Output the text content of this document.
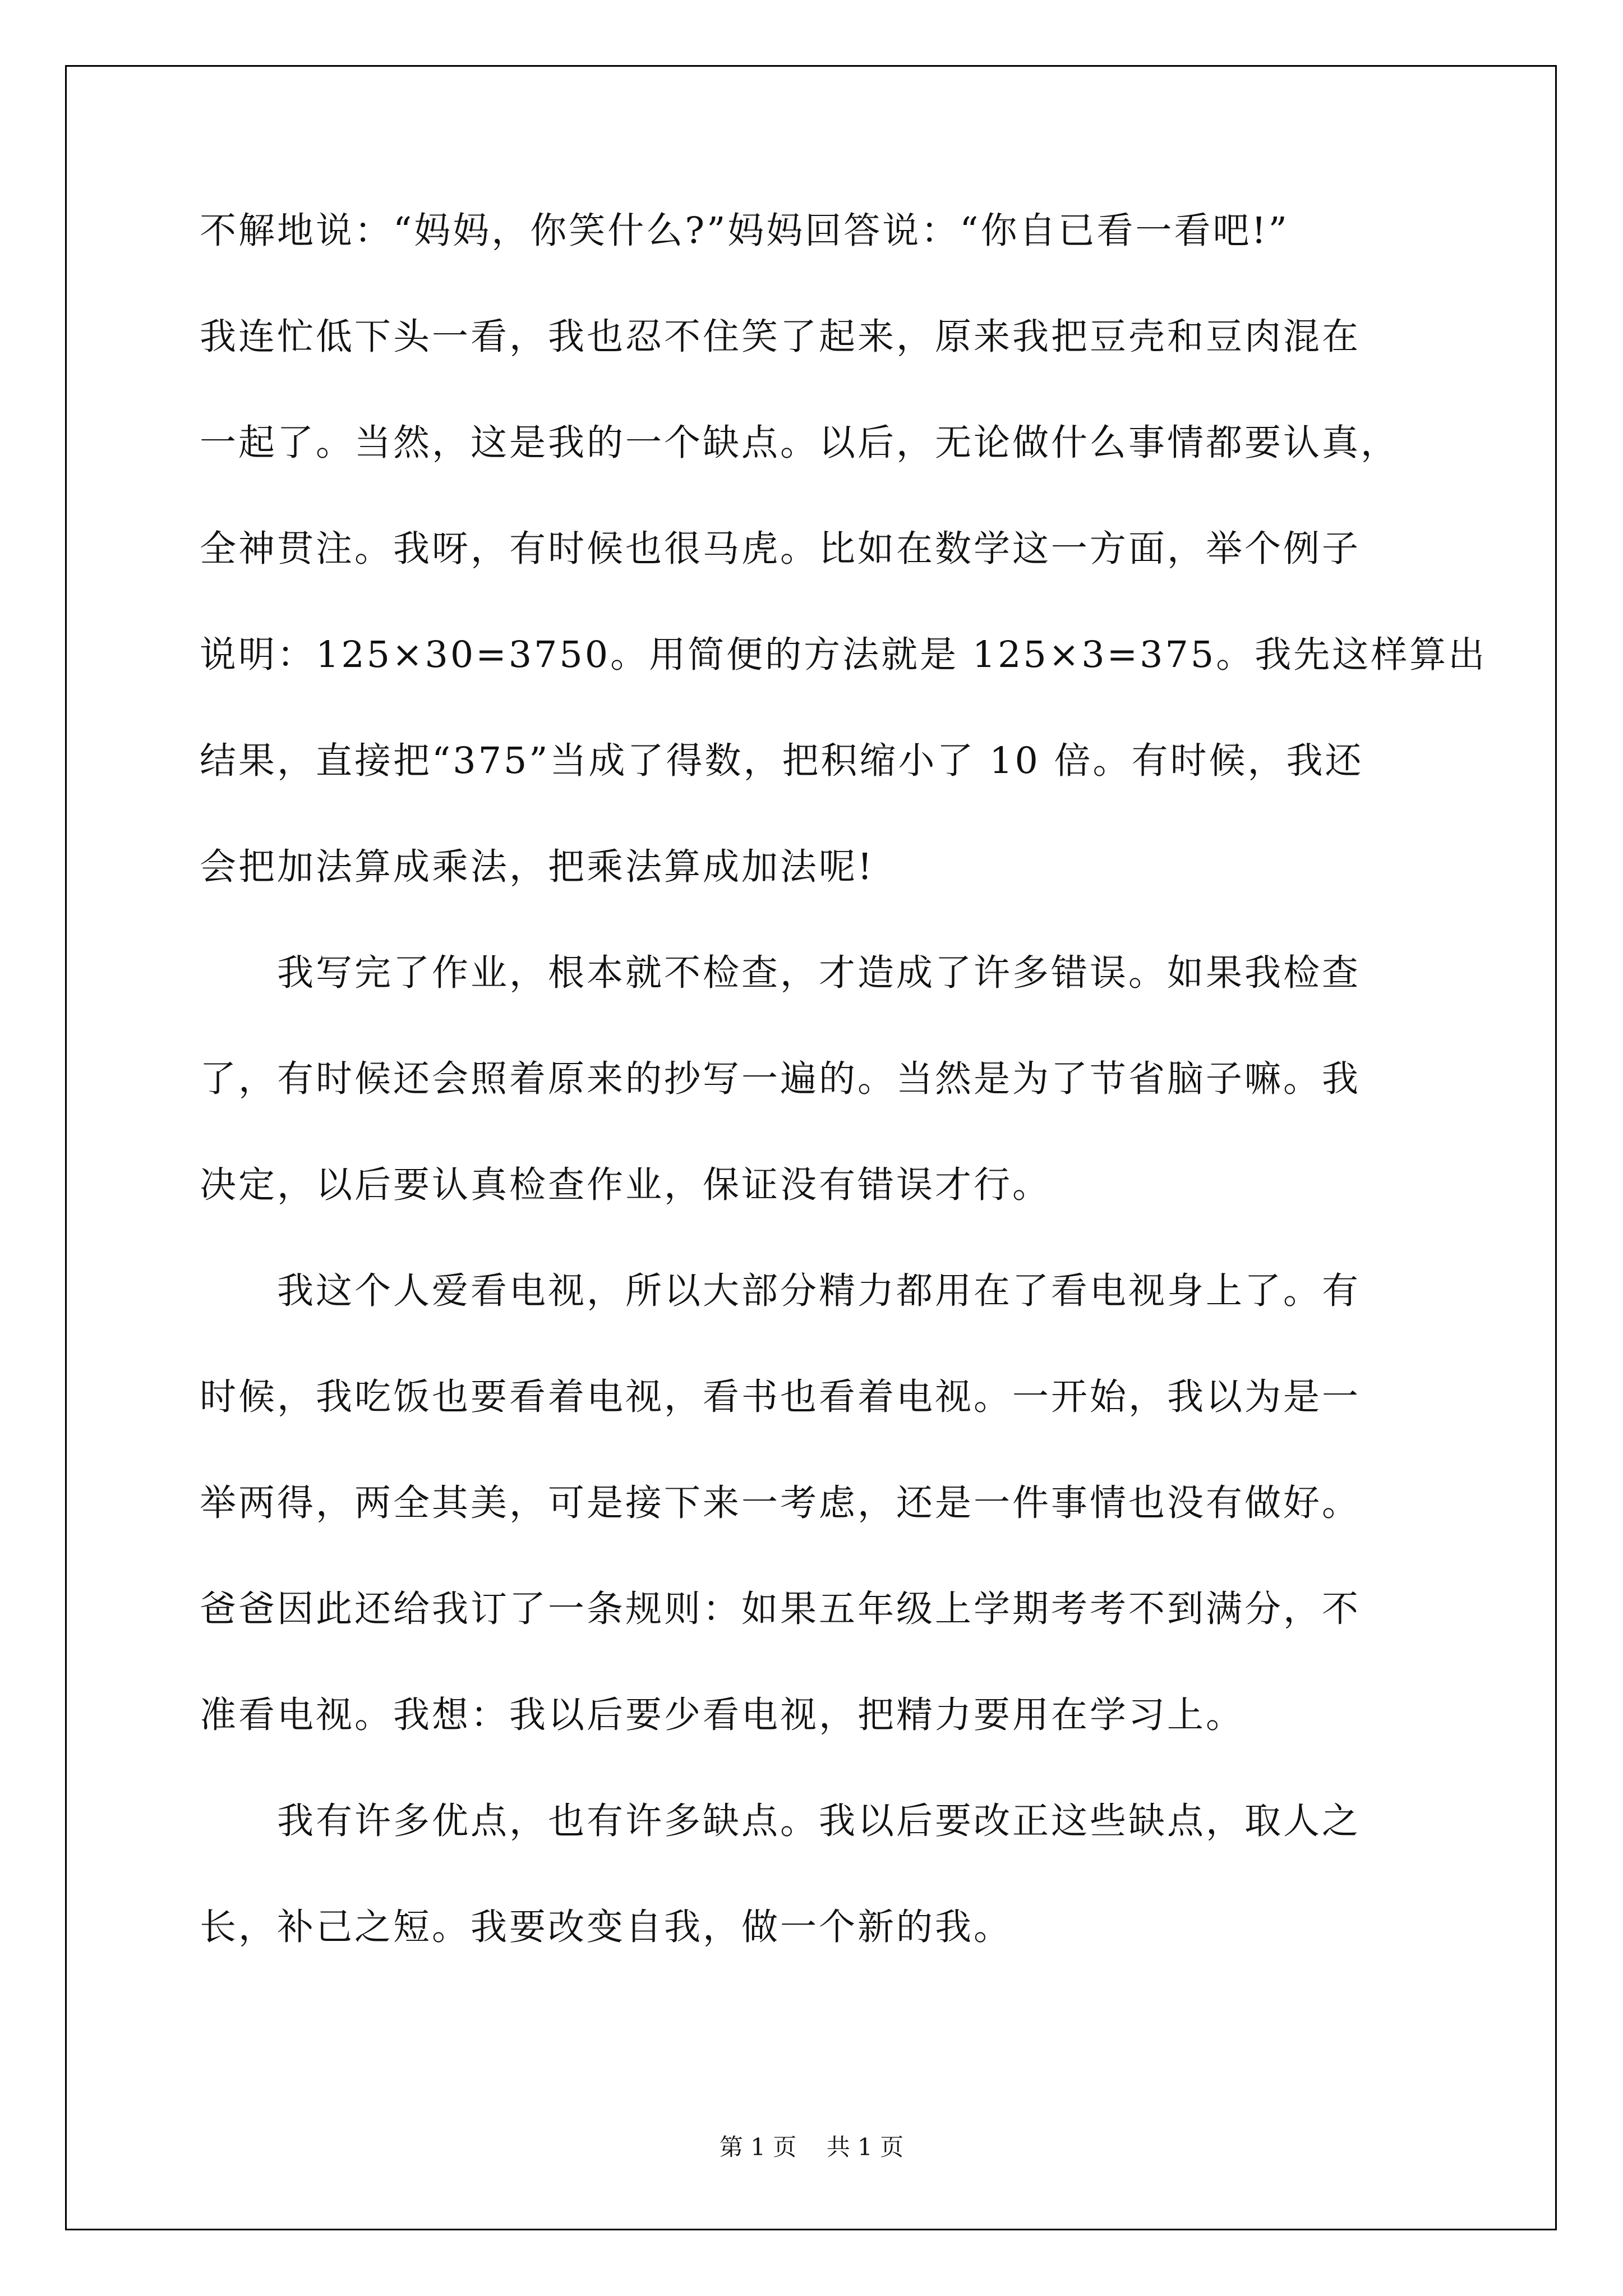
不解地说：“妈妈，你笑什么?”妈妈回答说：“你自已看一看吧!”
我连忙低下头一看，我也忍不住笑了起来，原来我把豆壳和豆肉混在
一起了。当然，这是我的一个缺点。以后，无论做什么事情都要认真，
全神贯注。我呀，有时候也很马虎。比如在数学这一方面，举个例子
说明：125×30=3750。用简便的方法就是 125×3=375。我先这样算出
结果，直接把“375”当成了得数，把积缩小了 10 倍。有时候，我还
会把加法算成乘法，把乘法算成加法呢!
　　我写完了作业，根本就不检查，才造成了许多错误。如果我检查
了，有时候还会照着原来的抄写一遍的。当然是为了节省脑子嘛。我
决定，以后要认真检查作业，保证没有错误才行。
　　我这个人爱看电视，所以大部分精力都用在了看电视身上了。有
时候，我吃饭也要看着电视，看书也看着电视。一开始，我以为是一
举两得，两全其美，可是接下来一考虑，还是一件事情也没有做好。
爸爸因此还给我订了一条规则：如果五年级上学期考考不到满分，不
准看电视。我想：我以后要少看电视，把精力要用在学习上。
　　我有许多优点，也有许多缺点。我以后要改正这些缺点，取人之
长，补己之短。我要改变自我，做一个新的我。
第 1 页 共 1 页
